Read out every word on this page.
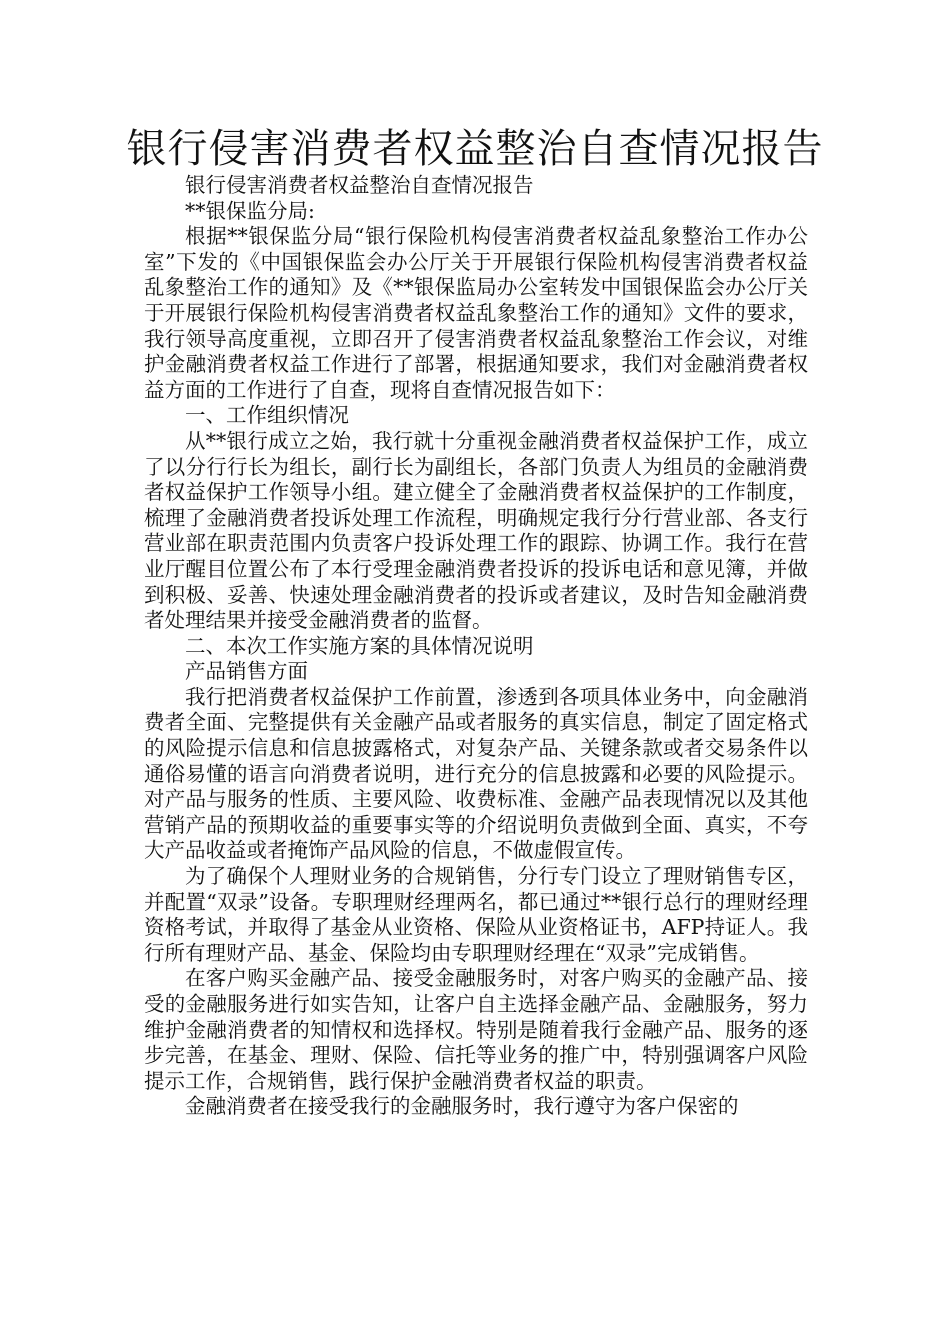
银行侵害消费者权益整治自查情况报告

银行侵害消费者权益整治自查情况报告

**银保监分局:

根据**银保监分局“银行保险机构侵害消费者权益乱象整治工作办公室”下发的《中国银保监会办公厅关于开展银行保险机构侵害消费者权益乱象整治工作的通知》及《**银保监局办公室转发中国银保监会办公厅关于开展银行保险机构侵害消费者权益乱象整治工作的通知》文件的要求，我行领导高度重视，立即召开了侵害消费者权益乱象整治工作会议，对维护金融消费者权益工作进行了部署，根据通知要求，我们对金融消费者权益方面的工作进行了自查，现将自查情况报告如下：

一、工作组织情况

从**银行成立之始，我行就十分重视金融消费者权益保护工作，成立了以分行行长为组长，副行长为副组长，各部门负责人为组员的金融消费者权益保护工作领导小组。建立健全了金融消费者权益保护的工作制度，梳理了金融消费者投诉处理工作流程，明确规定我行分行营业部、各支行营业部在职责范围内负责客户投诉处理工作的跟踪、协调工作。我行在营业厅醒目位置公布了本行受理金融消费者投诉的投诉电话和意见簿，并做到积极、妥善、快速处理金融消费者的投诉或者建议，及时告知金融消费者处理结果并接受金融消费者的监督。

二、本次工作实施方案的具体情况说明

产品销售方面

我行把消费者权益保护工作前置，渗透到各项具体业务中，向金融消费者全面、完整提供有关金融产品或者服务的真实信息，制定了固定格式的风险提示信息和信息披露格式，对复杂产品、关键条款或者交易条件以通俗易懂的语言向消费者说明，进行充分的信息披露和必要的风险提示。对产品与服务的性质、主要风险、收费标准、金融产品表现情况以及其他营销产品的预期收益的重要事实等的介绍说明负责做到全面、真实，不夸大产品收益或者掩饰产品风险的信息，不做虚假宣传。

为了确保个人理财业务的合规销售，分行专门设立了理财销售专区，并配置“双录”设备。专职理财经理两名，都已通过**银行总行的理财经理资格考试，并取得了基金从业资格、保险从业资格证书，AFP持证人。我行所有理财产品、基金、保险均由专职理财经理在“双录”完成销售。

在客户购买金融产品、接受金融服务时，对客户购买的金融产品、接受的金融服务进行如实告知，让客户自主选择金融产品、金融服务，努力维护金融消费者的知情权和选择权。特别是随着我行金融产品、服务的逐步完善，在基金、理财、保险、信托等业务的推广中，特别强调客户风险提示工作，合规销售，践行保护金融消费者权益的职责。

金融消费者在接受我行的金融服务时，我行遵守为客户保密的
